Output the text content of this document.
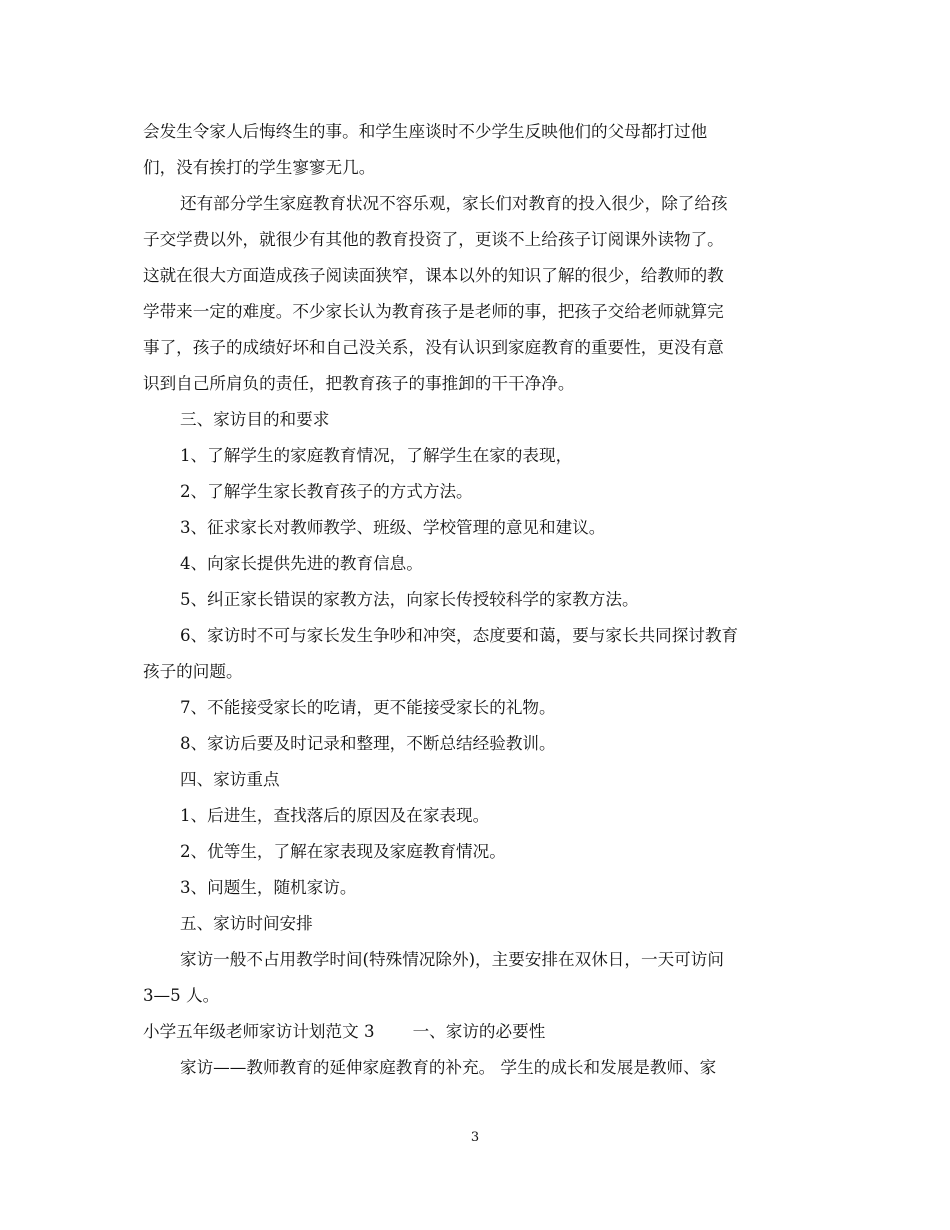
会发生令家人后悔终生的事。和学生座谈时不少学生反映他们的父母都打过他
们，没有挨打的学生寥寥无几。
还有部分学生家庭教育状况不容乐观，家长们对教育的投入很少，除了给孩
子交学费以外，就很少有其他的教育投资了，更谈不上给孩子订阅课外读物了。
这就在很大方面造成孩子阅读面狭窄，课本以外的知识了解的很少，给教师的教
学带来一定的难度。不少家长认为教育孩子是老师的事，把孩子交给老师就算完
事了，孩子的成绩好坏和自己没关系，没有认识到家庭教育的重要性，更没有意
识到自己所肩负的责任，把教育孩子的事推卸的干干净净。
三、家访目的和要求
1、了解学生的家庭教育情况，了解学生在家的表现，
2、了解学生家长教育孩子的方式方法。
3、征求家长对教师教学、班级、学校管理的意见和建议。
4、向家长提供先进的教育信息。
5、纠正家长错误的家教方法，向家长传授较科学的家教方法。
6、家访时不可与家长发生争吵和冲突，态度要和蔼，要与家长共同探讨教育
孩子的问题。
7、不能接受家长的吃请，更不能接受家长的礼物。
8、家访后要及时记录和整理，不断总结经验教训。
四、家访重点
1、后进生，查找落后的原因及在家表现。
2、优等生，了解在家表现及家庭教育情况。
3、问题生，随机家访。
五、家访时间安排
家访一般不占用教学时间(特殊情况除外)，主要安排在双休日，一天可访问
3—5 人。
小学五年级老师家访计划范文 3 一、家访的必要性
家访——教师教育的延伸家庭教育的补充。 学生的成长和发展是教师、家
3
